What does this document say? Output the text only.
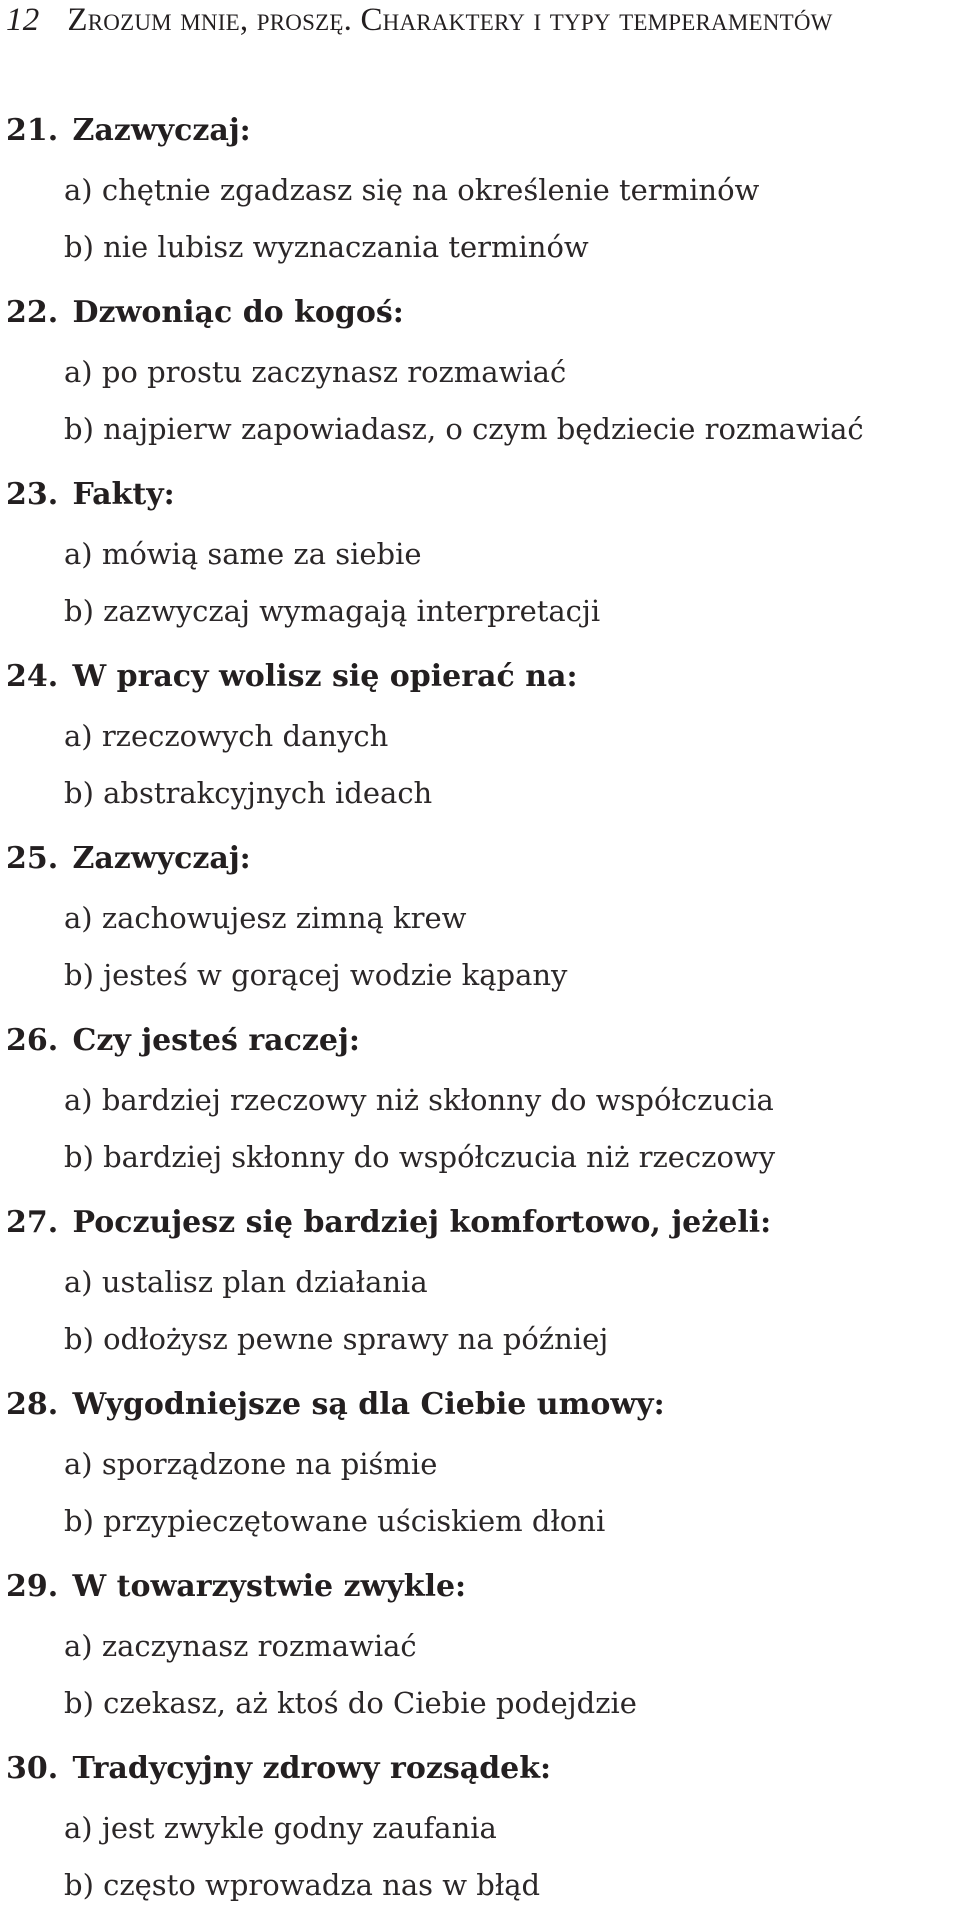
12 Zrozum mnie, proszę. Charaktery i typy temperamentów
21. Zazwyczaj:
a) chętnie zgadzasz się na określenie terminów
b) nie lubisz wyznaczania terminów
22. Dzwoniąc do kogoś:
a) po prostu zaczynasz rozmawiać
b) najpierw zapowiadasz, o czym będziecie rozmawiać
23. Fakty:
a) mówią same za siebie
b) zazwyczaj wymagają interpretacji
24. W pracy wolisz się opierać na:
a) rzeczowych danych
b) abstrakcyjnych ideach
25. Zazwyczaj:
a) zachowujesz zimną krew
b) jesteś w gorącej wodzie kąpany
26. Czy jesteś raczej:
a) bardziej rzeczowy niż skłonny do współczucia
b) bardziej skłonny do współczucia niż rzeczowy
27. Poczujesz się bardziej komfortowo, jeżeli:
a) ustalisz plan działania
b) odłożysz pewne sprawy na później
28. Wygodniejsze są dla Ciebie umowy:
a) sporządzone na piśmie
b) przypieczętowane uściskiem dłoni
29. W towarzystwie zwykle:
a) zaczynasz rozmawiać
b) czekasz, aż ktoś do Ciebie podejdzie
30. Tradycyjny zdrowy rozsądek:
a) jest zwykle godny zaufania
b) często wprowadza nas w błąd
